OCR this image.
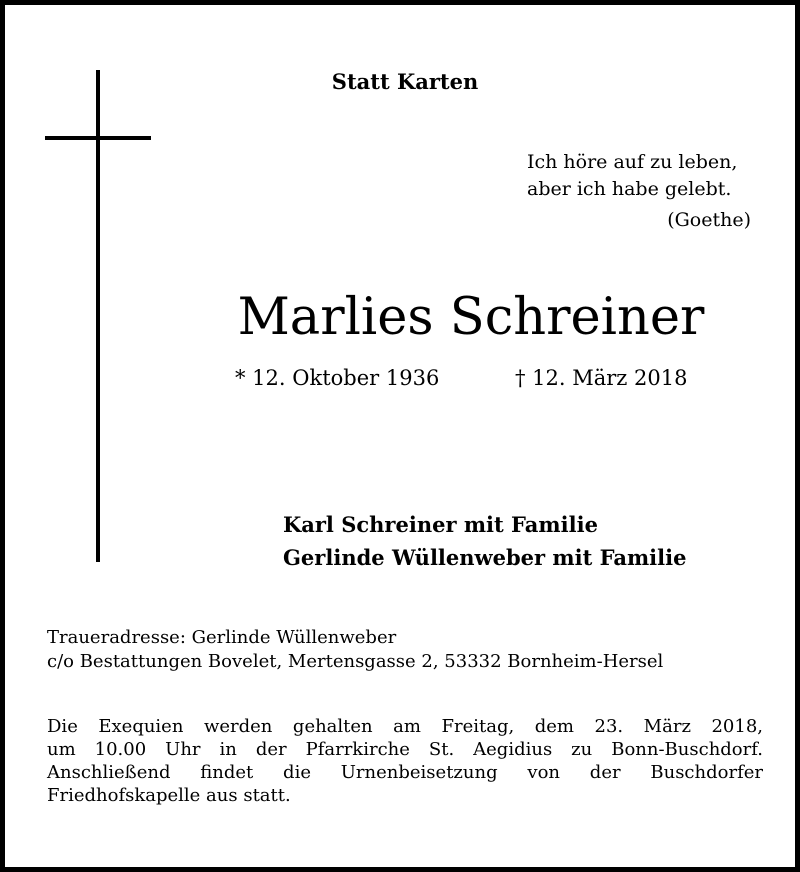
Statt Karten
Ich höre auf zu leben,
aber ich habe gelebt.
(Goethe)
Marlies Schreiner
* 12. Oktober 1936	† 12. März 2018
Karl Schreiner mit Familie
Gerlinde Wüllenweber mit Familie
Traueradresse: Gerlinde Wüllenweber
c/o Bestattungen Bovelet, Mertensgasse 2, 53332 Bornheim-Hersel
Die Exequien werden gehalten am Freitag, dem 23. März 2018,
um 10.00 Uhr in der Pfarrkirche St. Aegidius zu Bonn-Buschdorf.
Anschließend findet die Urnenbeisetzung von der Buschdorfer
Friedhofskapelle aus statt.
